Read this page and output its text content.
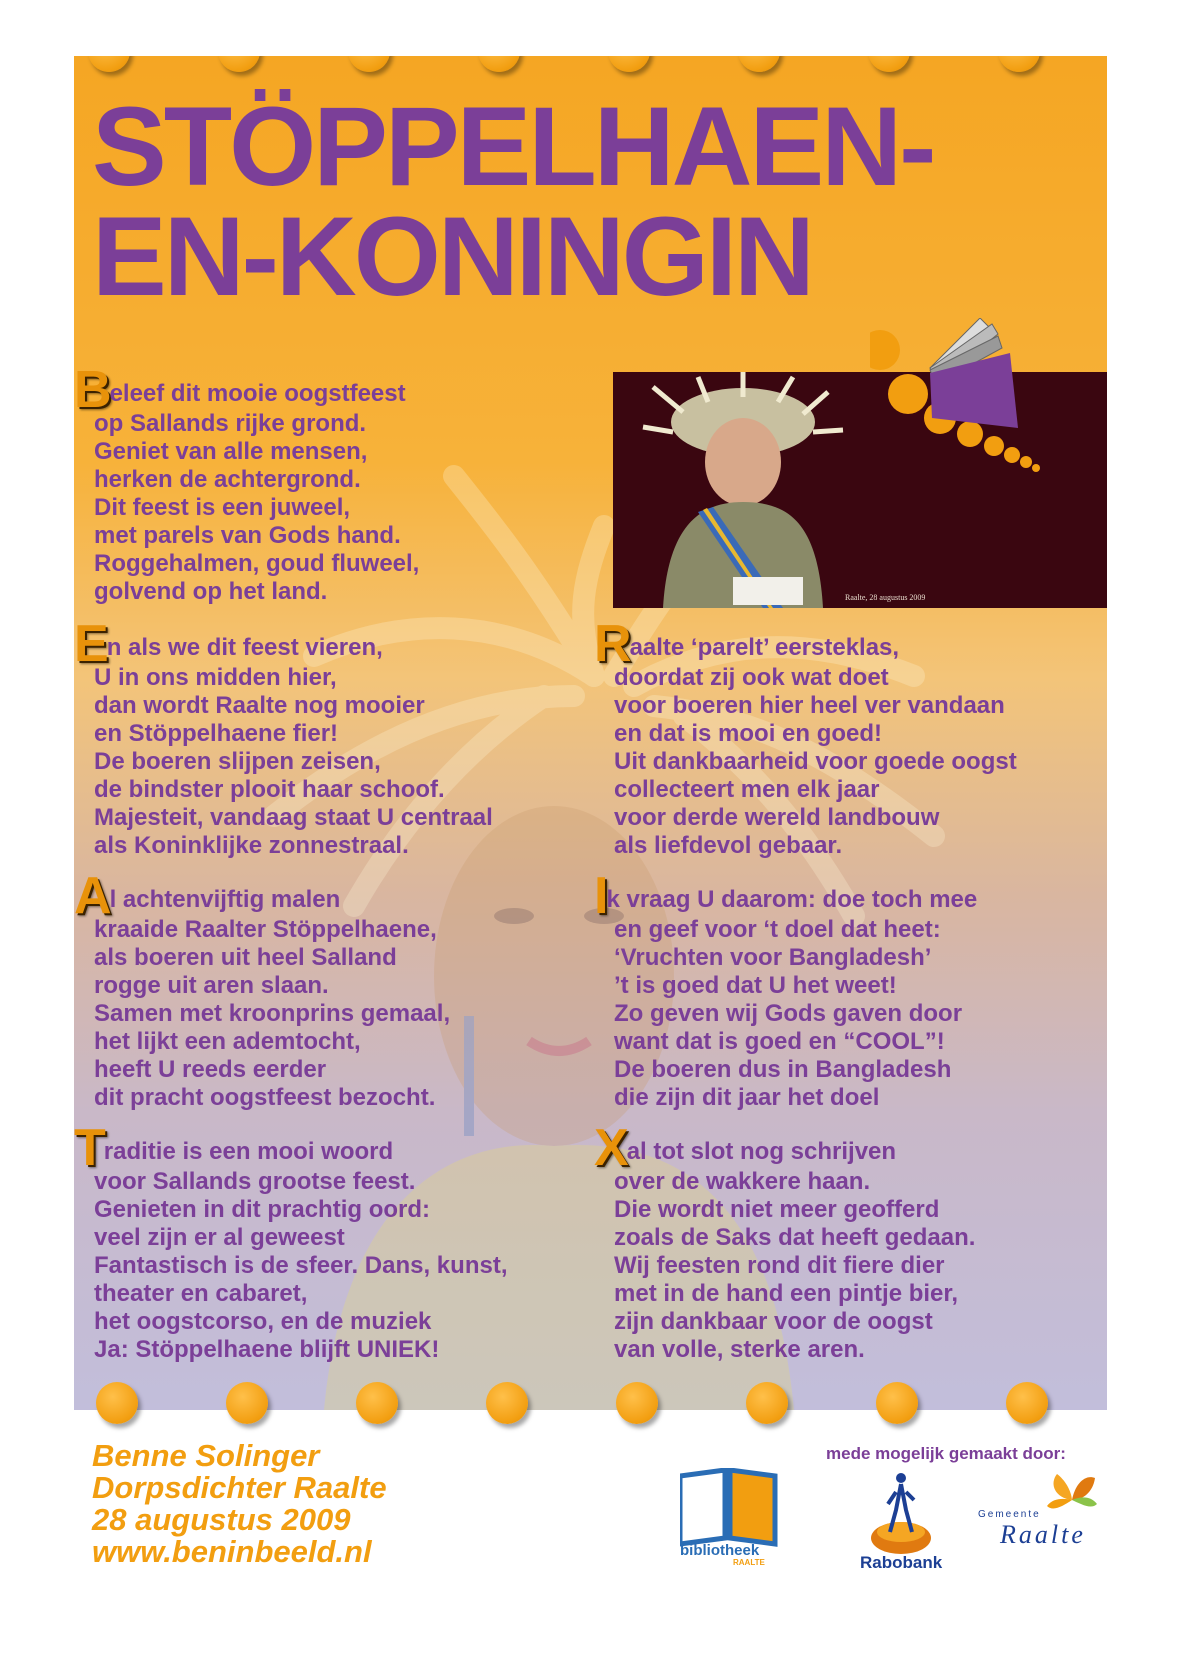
STÖPPELHAEN-
EN-KONINGIN
Raalte, 28 augustus 2009

Beleef dit mooie oogstfeest
op Sallands rijke grond.
Geniet van alle mensen,
herken de achtergrond.
Dit feest is een juweel,
met parels van Gods hand.
Roggehalmen, goud fluweel,
golvend op het land.

En als we dit feest vieren,
U in ons midden hier,
dan wordt Raalte nog mooier
en Stöppelhaene fier!
De boeren slijpen zeisen,
de bindster plooit haar schoof.
Majesteit, vandaag staat U centraal
als Koninklijke zonnestraal.

Al achtenvijftig malen
kraaide Raalter Stöppelhaene,
als boeren uit heel Salland
rogge uit aren slaan.
Samen met kroonprins gemaal,
het lijkt een ademtocht,
heeft U reeds eerder
dit pracht oogstfeest bezocht.

Traditie is een mooi woord
voor Sallands grootse feest.
Genieten in dit prachtig oord:
veel zijn er al geweest
Fantastisch is de sfeer. Dans, kunst,
theater en cabaret,
het oogstcorso, en de muziek
Ja: Stöppelhaene blijft UNIEK!

Raalte ‘parelt’ eersteklas,
doordat zij ook wat doet
voor boeren hier heel ver vandaan
en dat is mooi en goed!
Uit dankbaarheid voor goede oogst
collecteert men elk jaar
voor derde wereld landbouw
als liefdevol gebaar.

Ik vraag U daarom: doe toch mee
en geef voor ‘t doel dat heet:
‘Vruchten voor Bangladesh’
’t is goed dat U het weet!
Zo geven wij Gods gaven door
want dat is goed en “COOL”!
De boeren dus in Bangladesh
die zijn dit jaar het doel

Xal tot slot nog schrijven
over de wakkere haan.
Die wordt niet meer geofferd
zoals de Saks dat heeft gedaan.
Wij feesten rond dit fiere dier
met in de hand een pintje bier,
zijn dankbaar voor de oogst
van volle, sterke aren.

Benne Solinger
Dorpsdichter Raalte
28 augustus 2009
www.beninbeeld.nl

mede mogelijk gemaakt door:
bibliotheek
RAALTE	Rabobank
Gemeente
Raalte
